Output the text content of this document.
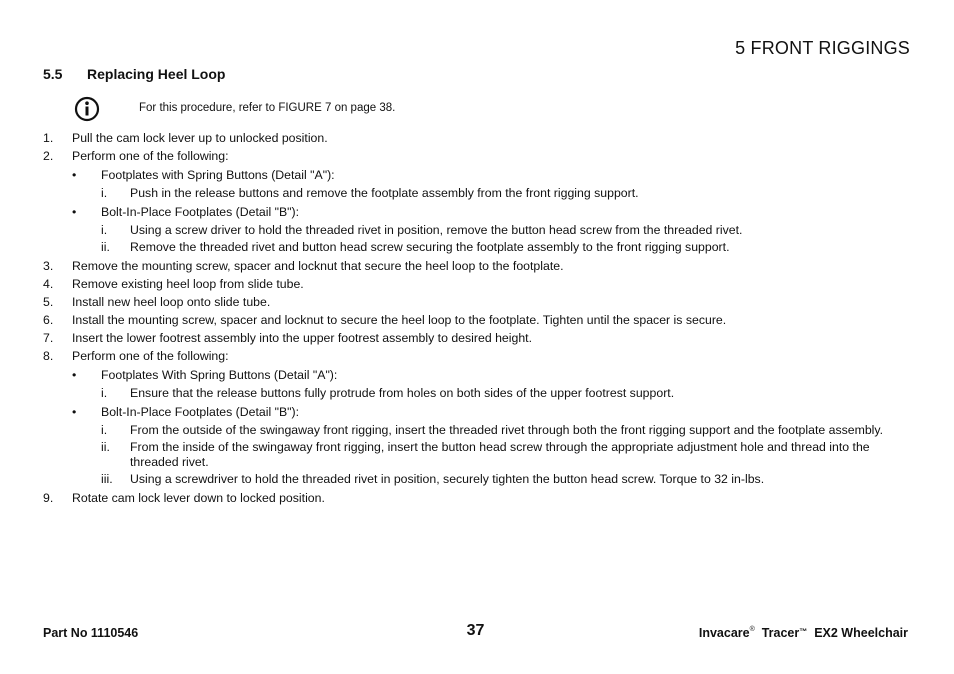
5 FRONT RIGGINGS
5.5 Replacing Heel Loop
For this procedure, refer to FIGURE 7 on page 38.
1. Pull the cam lock lever up to unlocked position.
2. Perform one of the following:
• Footplates with Spring Buttons (Detail "A"):
i. Push in the release buttons and remove the footplate assembly from the front rigging support.
• Bolt-In-Place Footplates (Detail "B"):
i. Using a screw driver to hold the threaded rivet in position, remove the button head screw from the threaded rivet.
ii. Remove the threaded rivet and button head screw securing the footplate assembly to the front rigging support.
3. Remove the mounting screw, spacer and locknut that secure the heel loop to the footplate.
4. Remove existing heel loop from slide tube.
5. Install new heel loop onto slide tube.
6. Install the mounting screw, spacer and locknut to secure the heel loop to the footplate. Tighten until the spacer is secure.
7. Insert the lower footrest assembly into the upper footrest assembly to desired height.
8. Perform one of the following:
• Footplates With Spring Buttons (Detail "A"):
i. Ensure that the release buttons fully protrude from holes on both sides of the upper footrest support.
• Bolt-In-Place Footplates (Detail "B"):
i. From the outside of the swingaway front rigging, insert the threaded rivet through both the front rigging support and the footplate assembly.
ii. From the inside of the swingaway front rigging, insert the button head screw through the appropriate adjustment hole and thread into the threaded rivet.
iii. Using a screwdriver to hold the threaded rivet in position, securely tighten the button head screw. Torque to 32 in-lbs.
9. Rotate cam lock lever down to locked position.
Part No 1110546	37	Invacare® Tracer™ EX2 Wheelchair
